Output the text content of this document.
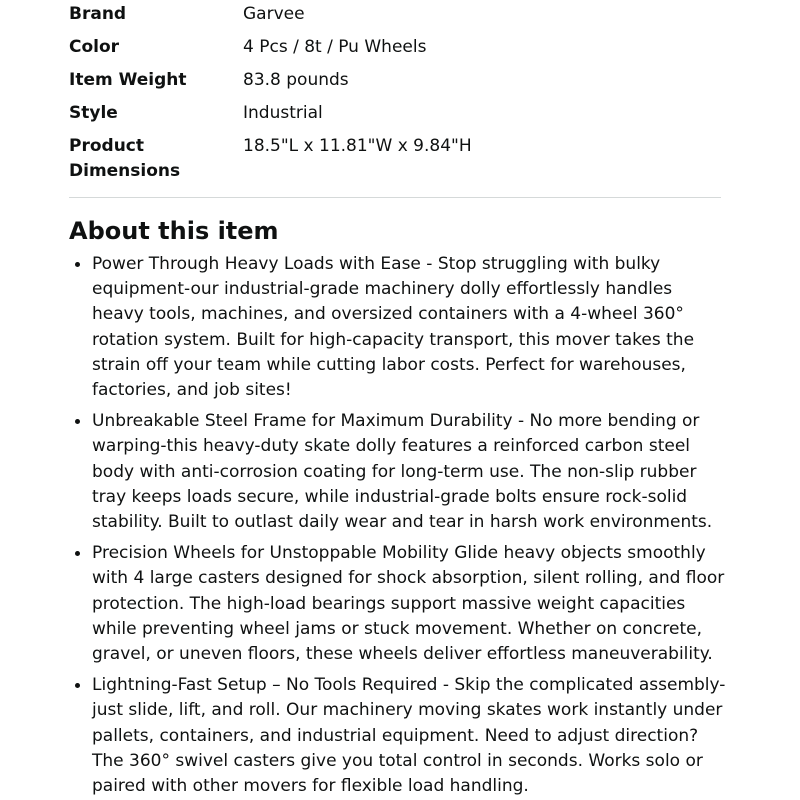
Brand	Garvee
Color	4 Pcs / 8t / Pu Wheels
Item Weight	83.8 pounds
Style	Industrial
Product Dimensions	18.5"L x 11.81"W x 9.84"H
About this item
Power Through Heavy Loads with Ease - Stop struggling with bulky equipment-our industrial-grade machinery dolly effortlessly handles heavy tools, machines, and oversized containers with a 4-wheel 360° rotation system. Built for high-capacity transport, this mover takes the strain off your team while cutting labor costs. Perfect for warehouses, factories, and job sites!
Unbreakable Steel Frame for Maximum Durability - No more bending or warping-this heavy-duty skate dolly features a reinforced carbon steel body with anti-corrosion coating for long-term use. The non-slip rubber tray keeps loads secure, while industrial-grade bolts ensure rock-solid stability. Built to outlast daily wear and tear in harsh work environments.
Precision Wheels for Unstoppable Mobility Glide heavy objects smoothly with 4 large casters designed for shock absorption, silent rolling, and floor protection. The high-load bearings support massive weight capacities while preventing wheel jams or stuck movement. Whether on concrete, gravel, or uneven floors, these wheels deliver effortless maneuverability.
Lightning-Fast Setup – No Tools Required - Skip the complicated assembly-just slide, lift, and roll. Our machinery moving skates work instantly under pallets, containers, and industrial equipment. Need to adjust direction? The 360° swivel casters give you total control in seconds. Works solo or paired with other movers for flexible load handling.
